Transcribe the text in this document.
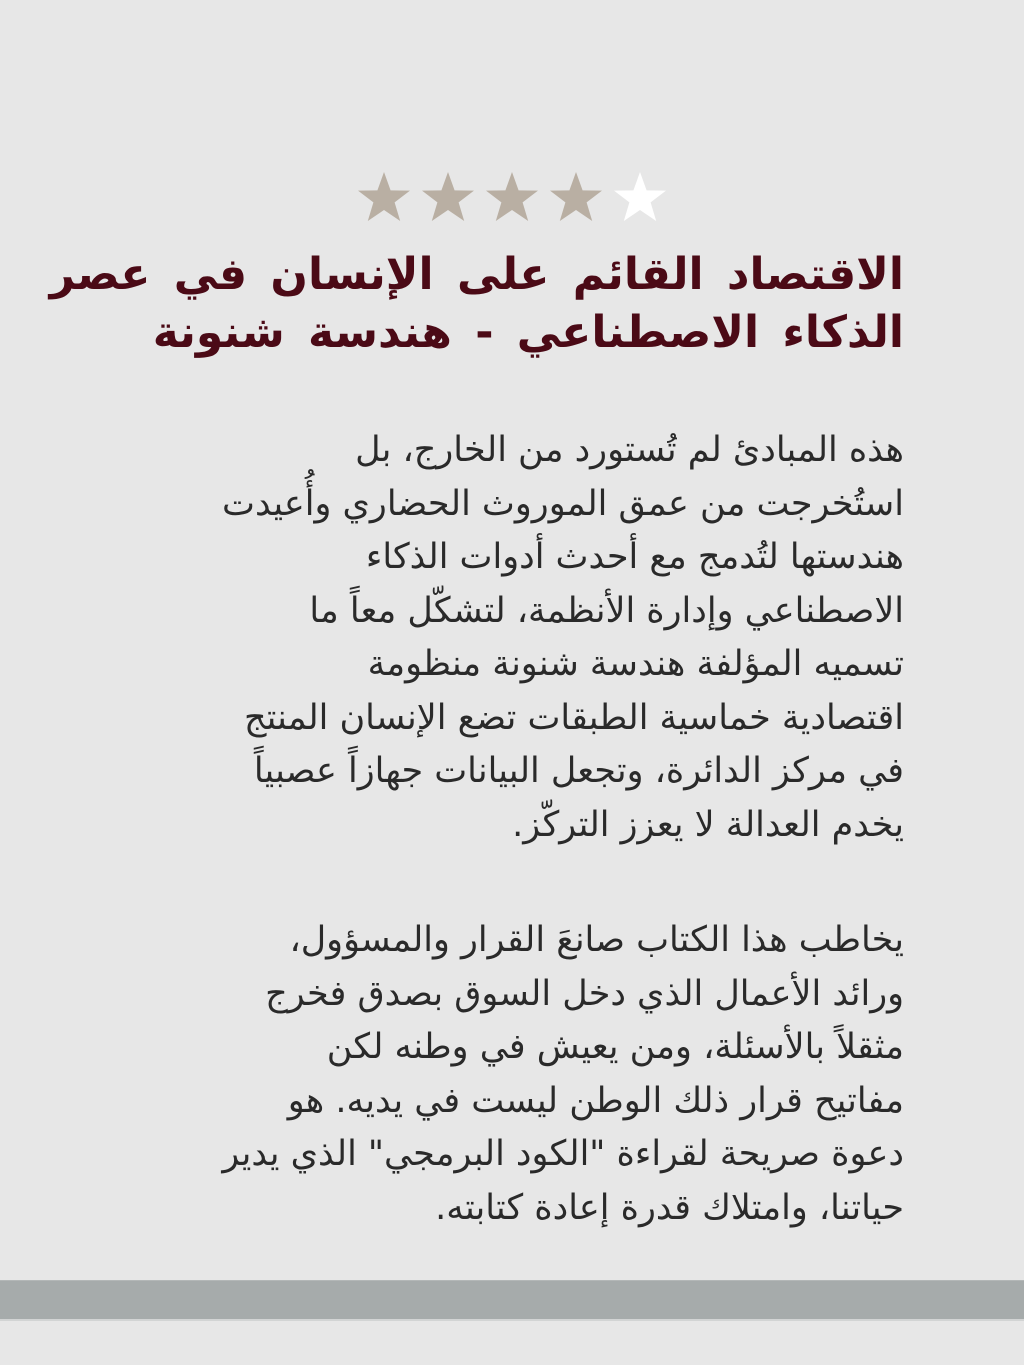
الاقتصاد القائم على الإنسان في عصر
الذكاء الاصطناعي - هندسة شنونة
هذه المبادئ لم تُستورد من الخارج، بل
استُخرجت من عمق الموروث الحضاري وأُعيدت
هندستها لتُدمج مع أحدث أدوات الذكاء
الاصطناعي وإدارة الأنظمة، لتشكّل معاً ما
تسميه المؤلفة هندسة شنونة منظومة
اقتصادية خماسية الطبقات تضع الإنسان المنتج
في مركز الدائرة، وتجعل البيانات جهازاً عصبياً
يخدم العدالة لا يعزز التركّز.
يخاطب هذا الكتاب صانعَ القرار والمسؤول،
ورائد الأعمال الذي دخل السوق بصدق فخرج
مثقلاً بالأسئلة، ومن يعيش في وطنه لكن
مفاتيح قرار ذلك الوطن ليست في يديه. هو
دعوة صريحة لقراءة "الكود البرمجي" الذي يدير
حياتنا، وامتلاك قدرة إعادة كتابته.
